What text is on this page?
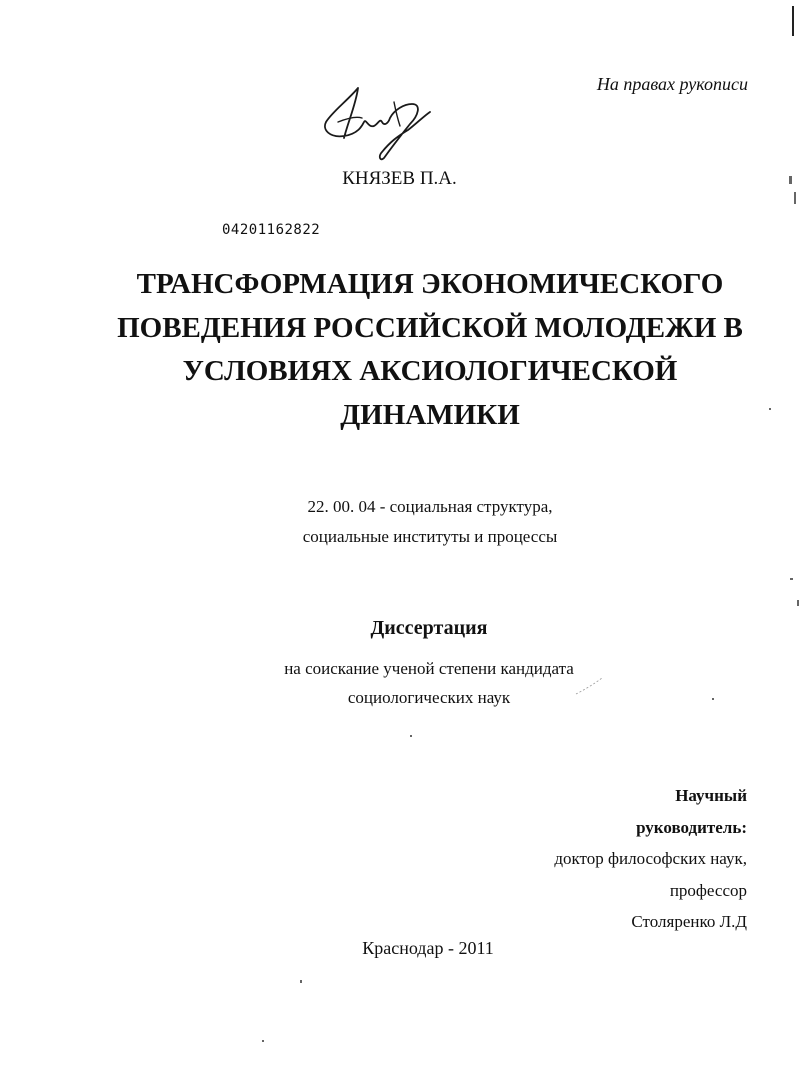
На правах рукописи
КНЯЗЕВ П.А.
04201162822
ТРАНСФОРМАЦИЯ ЭКОНОМИЧЕСКОГО
ПОВЕДЕНИЯ РОССИЙСКОЙ МОЛОДЕЖИ В
УСЛОВИЯХ АКСИОЛОГИЧЕСКОЙ
ДИНАМИКИ
22. 00. 04 - социальная структура,
социальные институты и процессы
Диссертация
на соискание ученой степени кандидата
социологических наук
Научный
руководитель:
доктор философских наук,
профессор
Столяренко Л.Д
Краснодар - 2011
